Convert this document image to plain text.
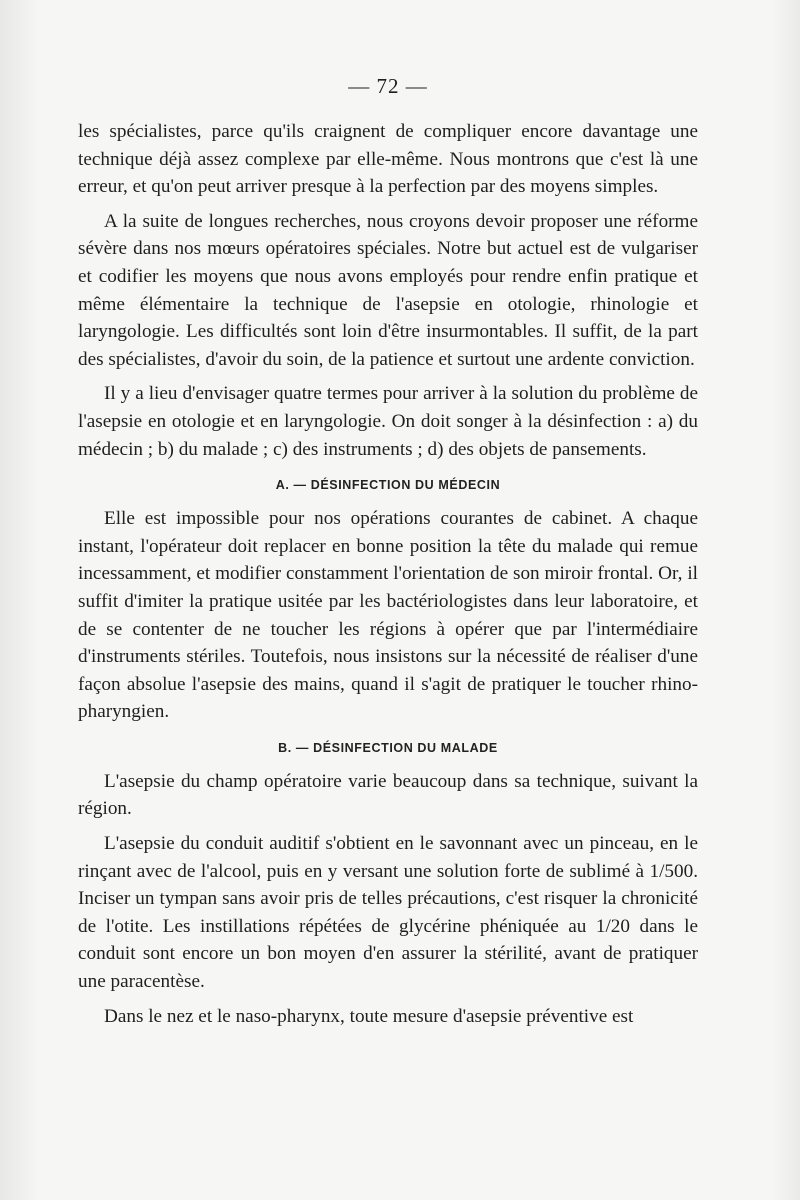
— 72 —

les spécialistes, parce qu'ils craignent de compliquer encore davantage une technique déjà assez complexe par elle-même. Nous montrons que c'est là une erreur, et qu'on peut arriver presque à la perfection par des moyens simples.

A la suite de longues recherches, nous croyons devoir proposer une réforme sévère dans nos mœurs opératoires spéciales. Notre but actuel est de vulgariser et codifier les moyens que nous avons employés pour rendre enfin pratique et même élémentaire la technique de l'asepsie en otologie, rhinologie et laryngologie. Les difficultés sont loin d'être insurmontables. Il suffit, de la part des spécialistes, d'avoir du soin, de la patience et surtout une ardente conviction.

Il y a lieu d'envisager quatre termes pour arriver à la solution du problème de l'asepsie en otologie et en laryngologie. On doit songer à la désinfection : a) du médecin ; b) du malade ; c) des instruments ; d) des objets de pansements.

A. — DÉSINFECTION DU MÉDECIN

Elle est impossible pour nos opérations courantes de cabinet. A chaque instant, l'opérateur doit replacer en bonne position la tête du malade qui remue incessamment, et modifier constamment l'orientation de son miroir frontal. Or, il suffit d'imiter la pratique usitée par les bactériologistes dans leur laboratoire, et de se contenter de ne toucher les régions à opérer que par l'intermédiaire d'instruments stériles. Toutefois, nous insistons sur la nécessité de réaliser d'une façon absolue l'asepsie des mains, quand il s'agit de pratiquer le toucher rhino-pharyngien.

B. — DÉSINFECTION DU MALADE

L'asepsie du champ opératoire varie beaucoup dans sa technique, suivant la région.

L'asepsie du conduit auditif s'obtient en le savonnant avec un pinceau, en le rinçant avec de l'alcool, puis en y versant une solution forte de sublimé à 1/500. Inciser un tympan sans avoir pris de telles précautions, c'est risquer la chronicité de l'otite. Les instillations répétées de glycérine phéniquée au 1/20 dans le conduit sont encore un bon moyen d'en assurer la stérilité, avant de pratiquer une paracentèse.

Dans le nez et le naso-pharynx, toute mesure d'asepsie préventive est
